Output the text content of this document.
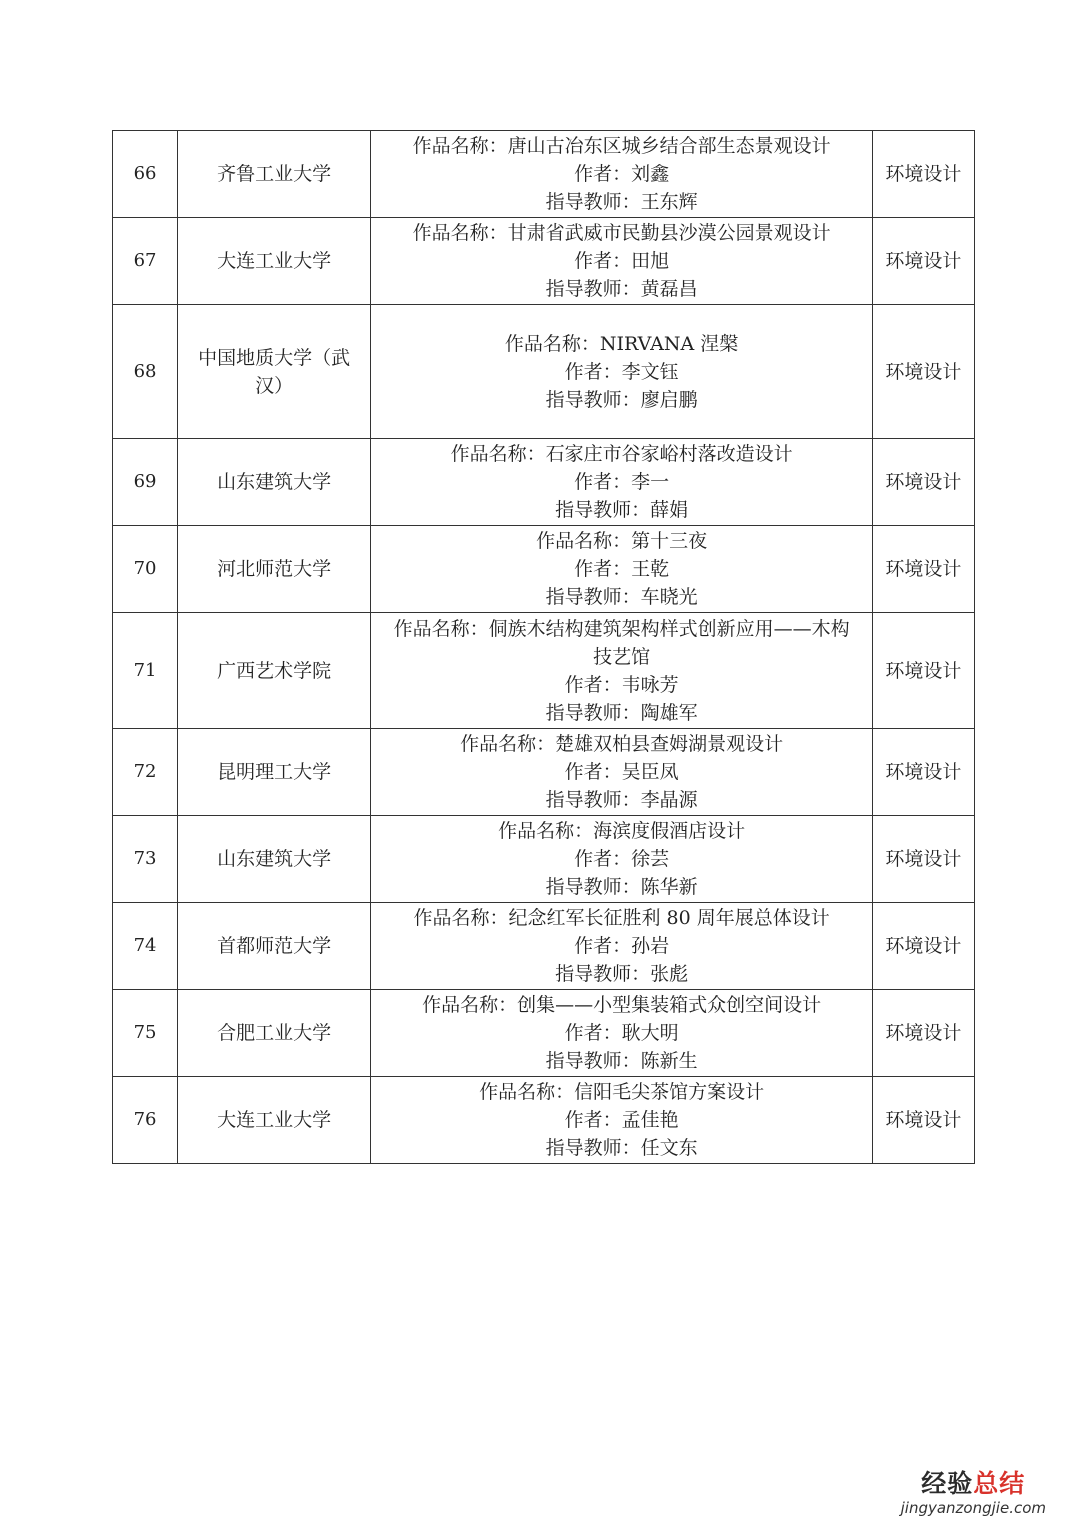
66	齐鲁工业大学	作品名称：唐山古冶东区城乡结合部生态景观设计
作者：刘鑫
指导教师：王东辉	环境设计
67	大连工业大学	作品名称：甘肃省武威市民勤县沙漠公园景观设计
作者：田旭
指导教师：黄磊昌	环境设计
68	中国地质大学（武汉）	作品名称：NIRVANA 涅槃
作者：李文钰
指导教师：廖启鹏	环境设计
69	山东建筑大学	作品名称：石家庄市谷家峪村落改造设计
作者：李一
指导教师：薛娟	环境设计
70	河北师范大学	作品名称：第十三夜
作者：王乾
指导教师：车晓光	环境设计
71	广西艺术学院	作品名称：侗族木结构建筑架构样式创新应用——木构
技艺馆
作者：韦咏芳
指导教师：陶雄军	环境设计
72	昆明理工大学	作品名称：楚雄双柏县查姆湖景观设计
作者：吴臣凤
指导教师：李晶源	环境设计
73	山东建筑大学	作品名称：海滨度假酒店设计
作者：徐芸
指导教师：陈华新	环境设计
74	首都师范大学	作品名称：纪念红军长征胜利 80 周年展总体设计
作者：孙岩
指导教师：张彪	环境设计
75	合肥工业大学	作品名称：创集——小型集装箱式众创空间设计
作者：耿大明
指导教师：陈新生	环境设计
76	大连工业大学	作品名称：信阳毛尖茶馆方案设计
作者：孟佳艳
指导教师：任文东	环境设计
经验总结
jingyanzongjie.com
